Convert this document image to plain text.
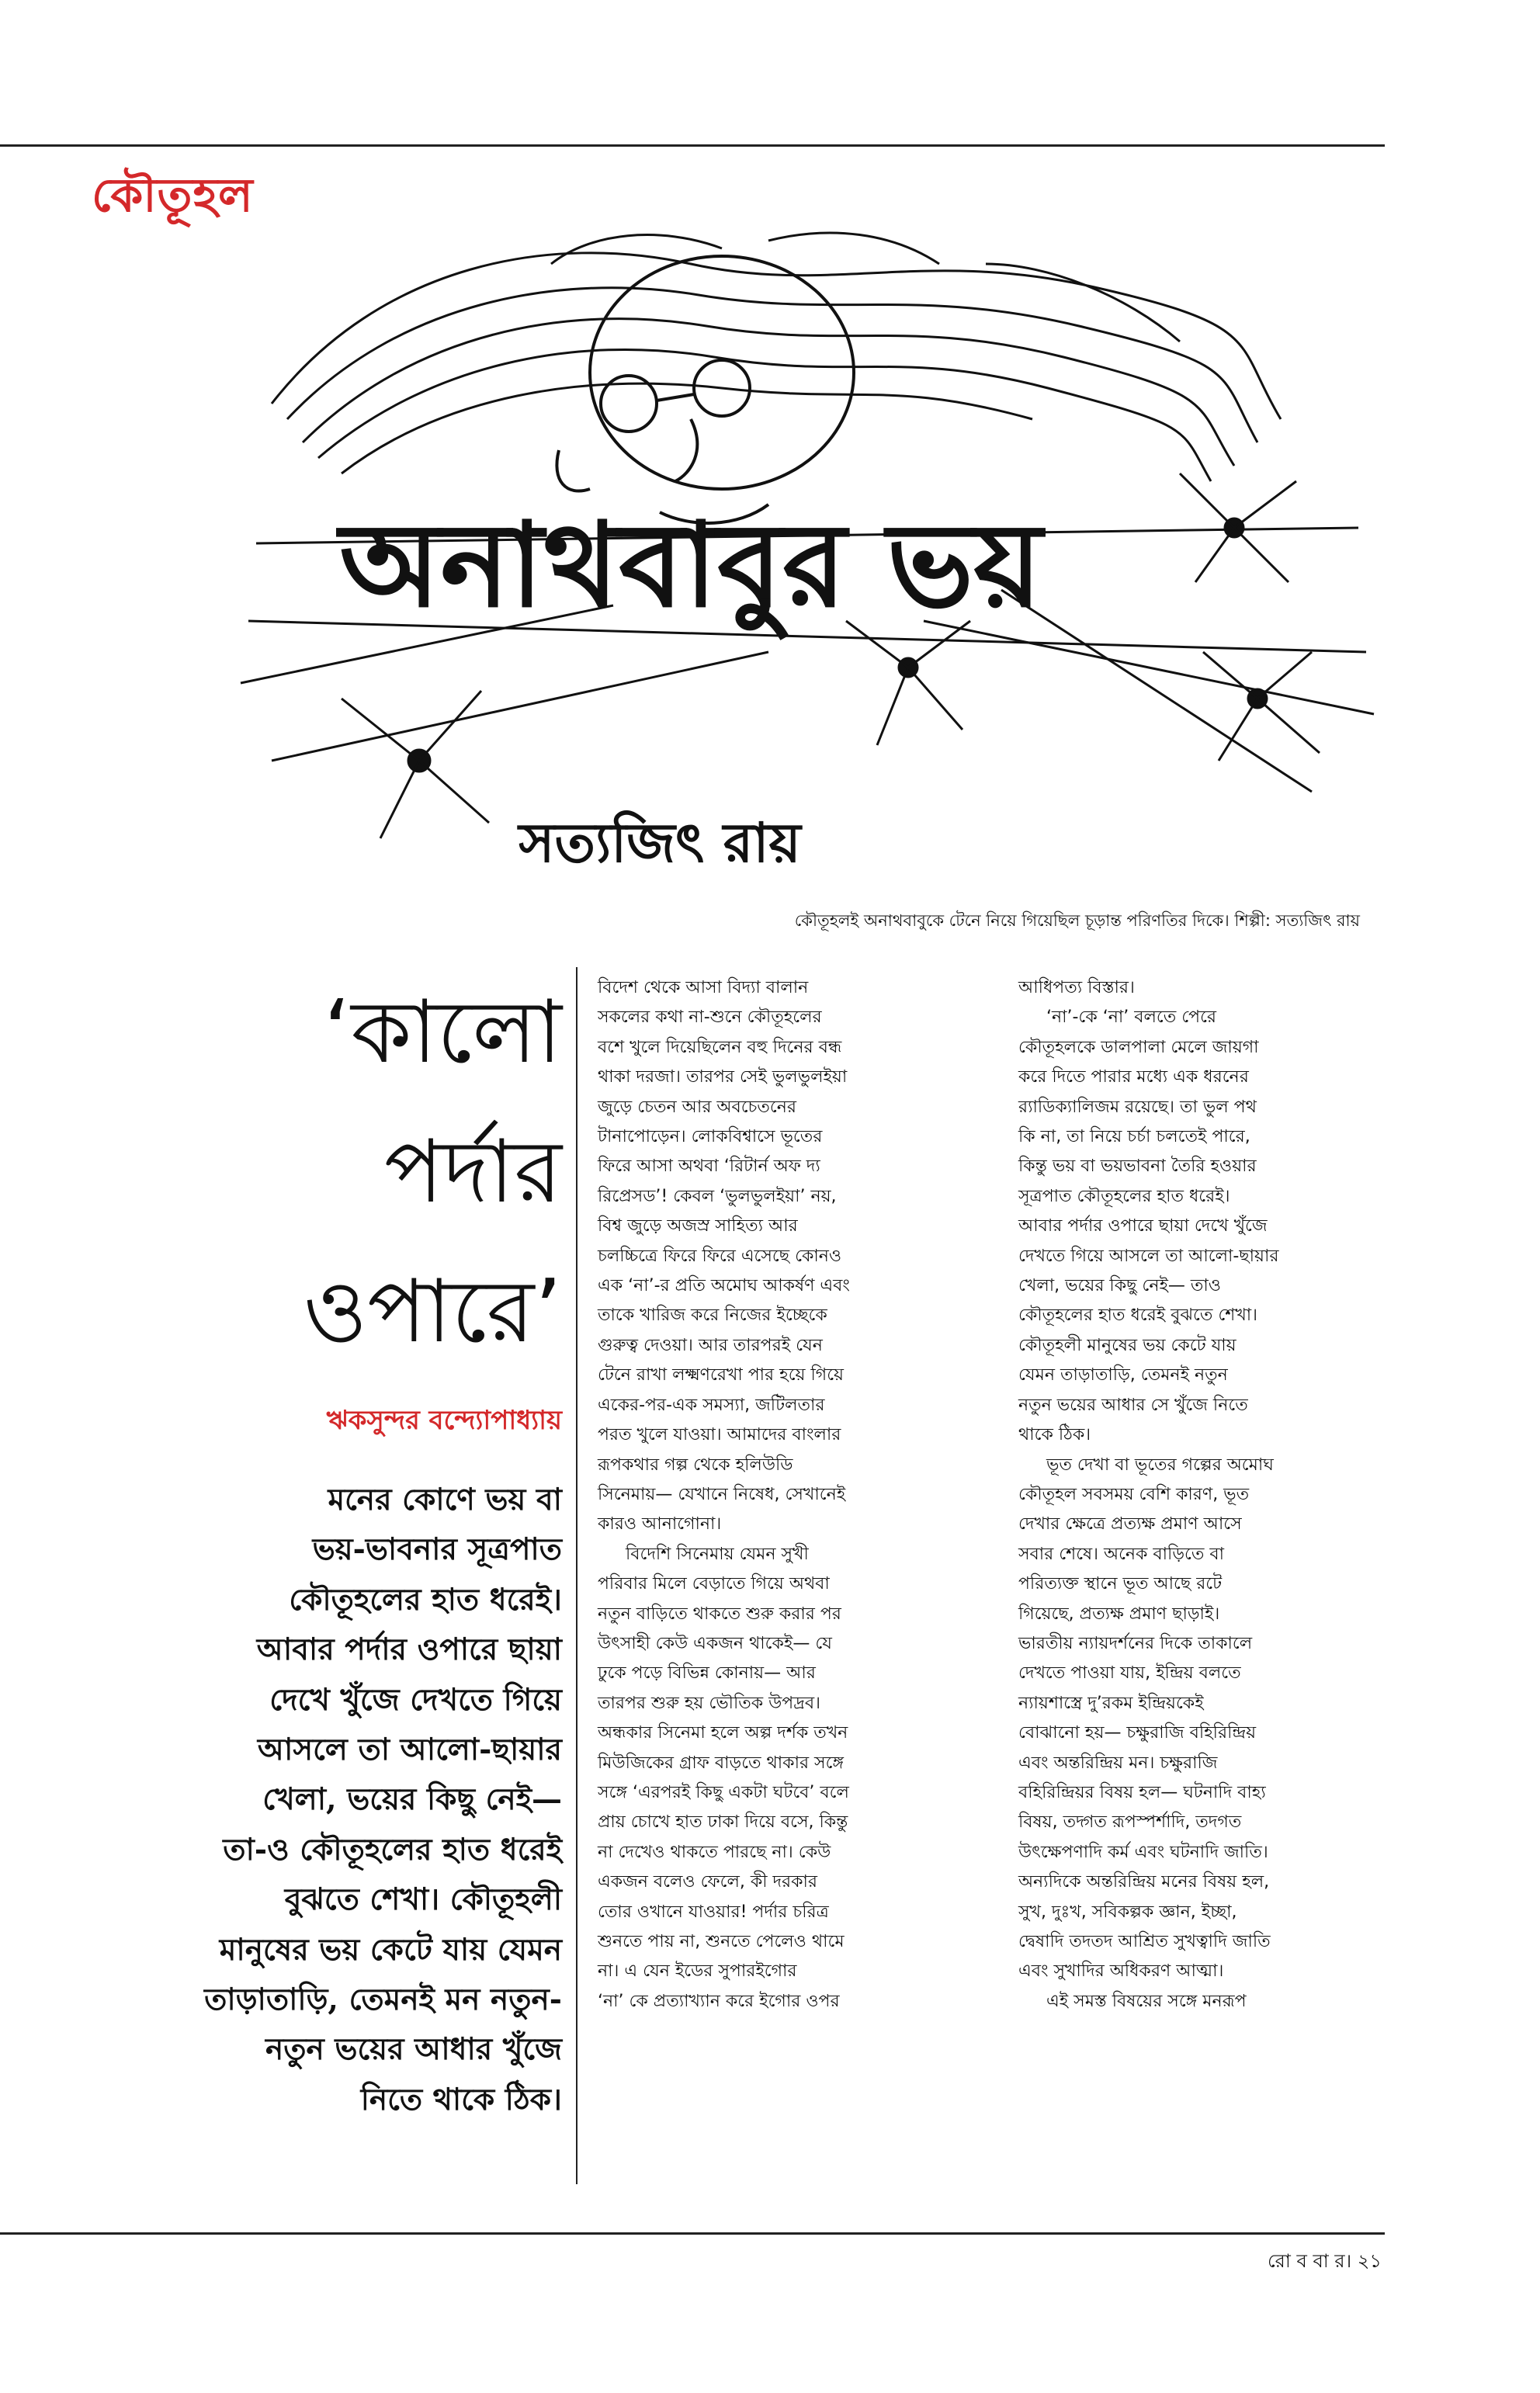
কৌতূহল
অনাথবাবুর ভয়
সত্যজিৎ রায়
কৌতূহলই অনাথবাবুকে টেনে নিয়ে গিয়েছিল চূড়ান্ত পরিণতির দিকে। শিল্পী: সত্যজিৎ রায়
‘কালো
পর্দার
ওপারে’
ঋকসুন্দর বন্দ্যোপাধ্যায়
মনের কোণে ভয় বা
ভয়-ভাবনার সূত্রপাত
কৌতূহলের হাত ধরেই।
আবার পর্দার ওপারে ছায়া
দেখে খুঁজে দেখতে গিয়ে
আসলে তা আলো-ছায়ার
খেলা, ভয়ের কিছু নেই—
তা-ও কৌতূহলের হাত ধরেই
বুঝতে শেখা। কৌতূহলী
মানুষের ভয় কেটে যায় যেমন
তাড়াতাড়ি, তেমনই মন নতুন-
নতুন ভয়ের আধার খুঁজে
নিতে থাকে ঠিক।

বিদেশ থেকে আসা বিদ্যা বালান
সকলের কথা না-শুনে কৌতূহলের
বশে খুলে দিয়েছিলেন বহু দিনের বন্ধ
থাকা দরজা। তারপর সেই ভুলভুলইয়া
জুড়ে চেতন আর অবচেতনের
টানাপোড়েন। লোকবিশ্বাসে ভূতের
ফিরে আসা অথবা ‘রিটার্ন অফ দ্য
রিপ্রেসড’! কেবল ‘ভুলভুলইয়া’ নয়,
বিশ্ব জুড়ে অজস্র সাহিত্য আর
চলচ্চিত্রে ফিরে ফিরে এসেছে কোনও
এক ‘না’-র প্রতি অমোঘ আকর্ষণ এবং
তাকে খারিজ করে নিজের ইচ্ছেকে
গুরুত্ব দেওয়া। আর তারপরই যেন
টেনে রাখা লক্ষ্মণরেখা পার হয়ে গিয়ে
একের-পর-এক সমস্যা, জটিলতার
পরত খুলে যাওয়া। আমাদের বাংলার
রূপকথার গল্প থেকে হলিউডি
সিনেমায়— যেখানে নিষেধ, সেখানেই
কারও আনাগোনা।

বিদেশি সিনেমায় যেমন সুখী
পরিবার মিলে বেড়াতে গিয়ে অথবা
নতুন বাড়িতে থাকতে শুরু করার পর
উৎসাহী কেউ একজন থাকেই— যে
ঢুকে পড়ে বিভিন্ন কোনায়— আর
তারপর শুরু হয় ভৌতিক উপদ্রব।
অন্ধকার সিনেমা হলে অল্প দর্শক তখন
মিউজিকের গ্রাফ বাড়তে থাকার সঙ্গে
সঙ্গে ‘এরপরই কিছু একটা ঘটবে’ বলে
প্রায় চোখে হাত ঢাকা দিয়ে বসে, কিন্তু
না দেখেও থাকতে পারছে না। কেউ
একজন বলেও ফেলে, কী দরকার
তোর ওখানে যাওয়ার! পর্দার চরিত্র
শুনতে পায় না, শুনতে পেলেও থামে
না। এ যেন ইডের সুপারইগোর
‘না’ কে প্রত্যাখ্যান করে ইগোর ওপর

আধিপত্য বিস্তার।

‘না’-কে ‘না’ বলতে পেরে
কৌতূহলকে ডালপালা মেলে জায়গা
করে দিতে পারার মধ্যে এক ধরনের
র‍্যাডিক্যালিজম রয়েছে। তা ভুল পথ
কি না, তা নিয়ে চর্চা চলতেই পারে,
কিন্তু ভয় বা ভয়ভাবনা তৈরি হওয়ার
সূত্রপাত কৌতূহলের হাত ধরেই।
আবার পর্দার ওপারে ছায়া দেখে খুঁজে
দেখতে গিয়ে আসলে তা আলো-ছায়ার
খেলা, ভয়ের কিছু নেই— তাও
কৌতূহলের হাত ধরেই বুঝতে শেখা।
কৌতূহলী মানুষের ভয় কেটে যায়
যেমন তাড়াতাড়ি, তেমনই নতুন
নতুন ভয়ের আধার সে খুঁজে নিতে
থাকে ঠিক।

ভূত দেখা বা ভূতের গল্পের অমোঘ
কৌতূহল সবসময় বেশি কারণ, ভূত
দেখার ক্ষেত্রে প্রত্যক্ষ প্রমাণ আসে
সবার শেষে। অনেক বাড়িতে বা
পরিত্যক্ত স্থানে ভূত আছে রটে
গিয়েছে, প্রত্যক্ষ প্রমাণ ছাড়াই।
ভারতীয় ন্যায়দর্শনের দিকে তাকালে
দেখতে পাওয়া যায়, ইন্দ্রিয় বলতে
ন্যায়শাস্ত্রে দু’রকম ইন্দ্রিয়কেই
বোঝানো হয়— চক্ষুরাজি বহিরিন্দ্রিয়
এবং অন্তরিন্দ্রিয় মন। চক্ষুরাজি
বহিরিন্দ্রিয়র বিষয় হল— ঘটনাদি বাহ্য
বিষয়, তদ্গত রূপস্পর্শাদি, তদগত
উৎক্ষেপণাদি কর্ম এবং ঘটনাদি জাতি।
অন্যদিকে অন্তরিন্দ্রিয় মনের বিষয় হল,
সুখ, দুঃখ, সবিকল্পক জ্ঞান, ইচ্ছা,
দ্বেষাদি তদতদ আশ্রিত সুখত্বাদি জাতি
এবং সুখাদির অধিকরণ আত্মা।

এই সমস্ত বিষয়ের সঙ্গে মনরূপ

রো ব বা র। ২১
